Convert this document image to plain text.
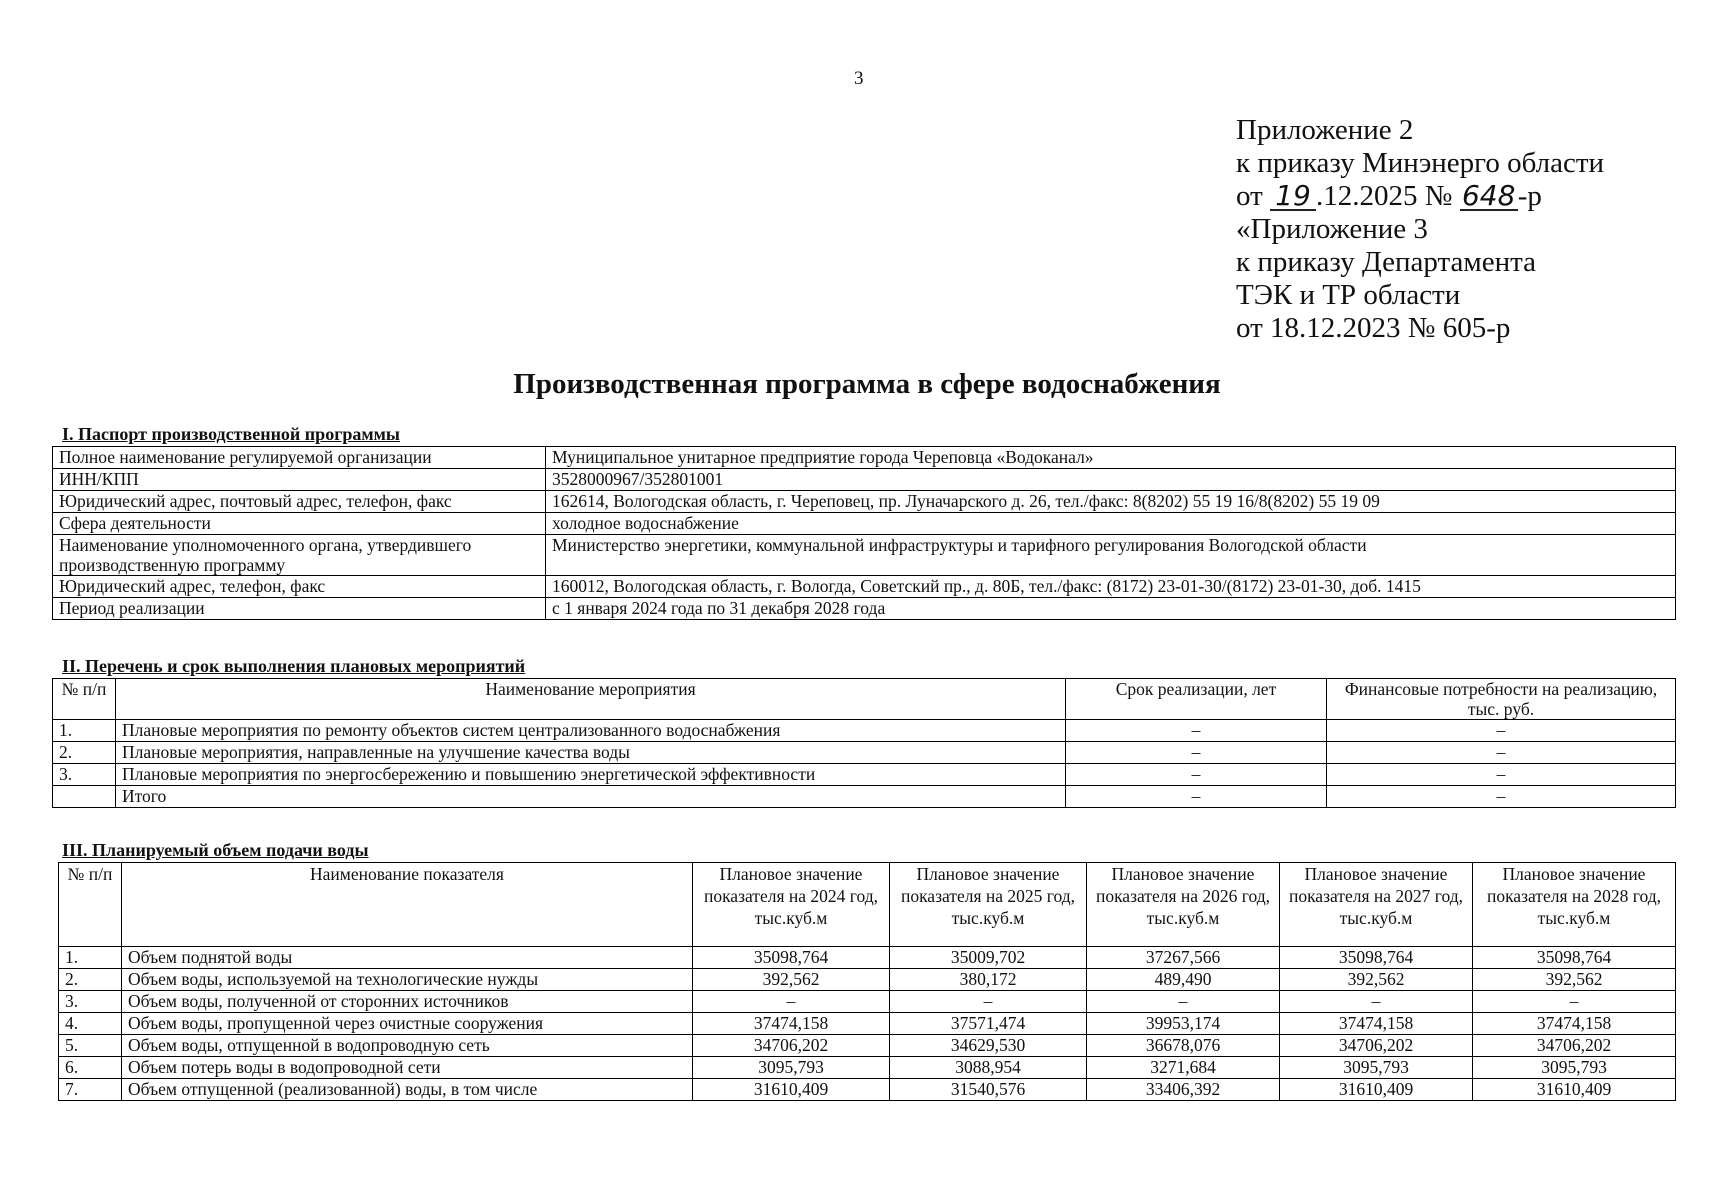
3
Приложение 2
к приказу Минэнерго области
от 19 .12.2025 № 648-р
«Приложение 3
к приказу Департамента
ТЭК и ТР области
от 18.12.2023 № 605-р
Производственная программа в сфере водоснабжения
I. Паспорт производственной программы
Полное наименование регулируемой организации	Муниципальное унитарное предприятие города Череповца «Водоканал»
ИНН/КПП	3528000967/352801001
Юридический адрес, почтовый адрес, телефон, факс	162614, Вологодская область, г. Череповец, пр. Луначарского д. 26, тел./факс: 8(8202) 55 19 16/8(8202) 55 19 09
Сфера деятельности	холодное водоснабжение
Наименование уполномоченного органа, утвердившего производственную программу	Министерство энергетики, коммунальной инфраструктуры и тарифного регулирования Вологодской области
Юридический адрес, телефон, факс	160012, Вологодская область, г. Вологда, Советский пр., д. 80Б, тел./факс: (8172) 23-01-30/(8172) 23-01-30, доб. 1415
Период реализации	с 1 января 2024 года по 31 декабря 2028 года
II. Перечень и срок выполнения плановых мероприятий
№ п/п	Наименование мероприятия	Срок реализации, лет	Финансовые потребности на реализацию, тыс. руб.
1.	Плановые мероприятия по ремонту объектов систем централизованного водоснабжения	–	–
2.	Плановые мероприятия, направленные на улучшение качества воды	–	–
3.	Плановые мероприятия по энергосбережению и повышению энергетической эффективности	–	–
	Итого	–	–
III. Планируемый объем подачи воды
№ п/п	Наименование показателя	Плановое значение показателя на 2024 год, тыс.куб.м	Плановое значение показателя на 2025 год, тыс.куб.м	Плановое значение показателя на 2026 год, тыс.куб.м	Плановое значение показателя на 2027 год, тыс.куб.м	Плановое значение показателя на 2028 год, тыс.куб.м
1.	Объем поднятой воды	35098,764	35009,702	37267,566	35098,764	35098,764
2.	Объем воды, используемой на технологические нужды	392,562	380,172	489,490	392,562	392,562
3.	Объем воды, полученной от сторонних источников	–	–	–	–	–
4.	Объем воды, пропущенной через очистные сооружения	37474,158	37571,474	39953,174	37474,158	37474,158
5.	Объем воды, отпущенной в водопроводную сеть	34706,202	34629,530	36678,076	34706,202	34706,202
6.	Объем потерь воды в водопроводной сети	3095,793	3088,954	3271,684	3095,793	3095,793
7.	Объем отпущенной (реализованной) воды, в том числе	31610,409	31540,576	33406,392	31610,409	31610,409
